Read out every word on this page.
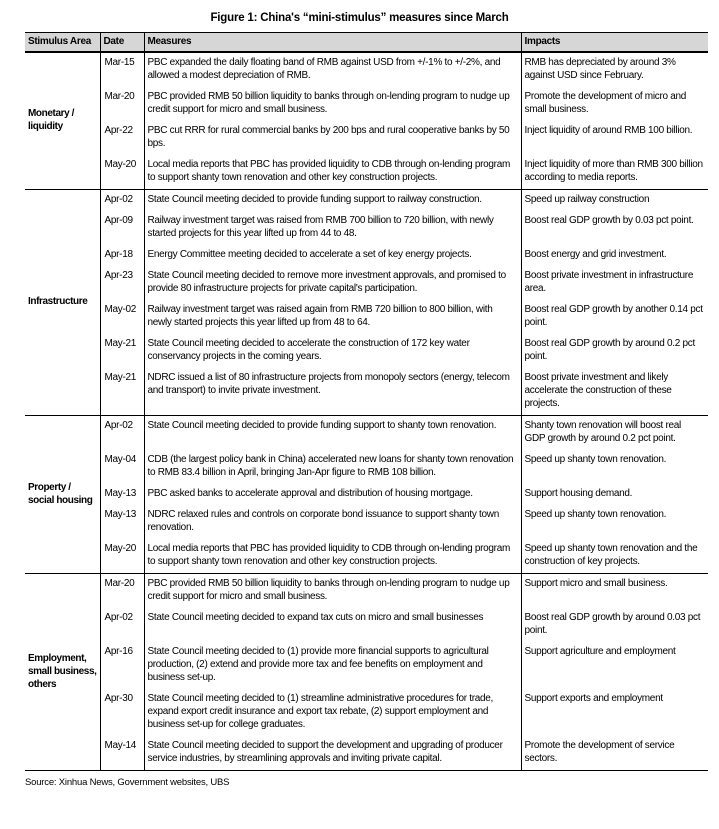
Figure 1: China's “mini-stimulus” measures since March
Stimulus Area	Date	Measures	Impacts
Monetary / liquidity	Mar-15	PBC expanded the daily floating band of RMB against USD from +/-1% to +/-2%, and allowed a modest depreciation of RMB.	RMB has depreciated by around 3% against USD since February.
	Mar-20	PBC provided RMB 50 billion liquidity to banks through on-lending program to nudge up credit support for micro and small business.	Promote the development of micro and small business.
	Apr-22	PBC cut RRR for rural commercial banks by 200 bps and rural cooperative banks by 50 bps.	Inject liquidity of around RMB 100 billion.
	May-20	Local media reports that PBC has provided liquidity to CDB through on-lending program to support shanty town renovation and other key construction projects.	Inject liquidity of more than RMB 300 billion according to media reports.
Infrastructure	Apr-02	State Council meeting decided to provide funding support to railway construction.	Speed up railway construction
	Apr-09	Railway investment target was raised from RMB 700 billion to 720 billion, with newly started projects for this year lifted up from 44 to 48.	Boost real GDP growth by 0.03 pct point.
	Apr-18	Energy Committee meeting decided to accelerate a set of key energy projects.	Boost energy and grid investment.
	Apr-23	State Council meeting decided to remove more investment approvals, and promised to provide 80 infrastructure projects for private capital's participation.	Boost private investment in infrastructure area.
	May-02	Railway investment target was raised again from RMB 720 billion to 800 billion, with newly started projects this year lifted up from 48 to 64.	Boost real GDP growth by another 0.14 pct point.
	May-21	State Council meeting decided to accelerate the construction of 172 key water conservancy projects in the coming years.	Boost real GDP growth by around 0.2 pct point.
	May-21	NDRC issued a list of 80 infrastructure projects from monopoly sectors (energy, telecom and transport) to invite private investment.	Boost private investment and likely accelerate the construction of these projects.
Property / social housing	Apr-02	State Council meeting decided to provide funding support to shanty town renovation.	Shanty town renovation will boost real GDP growth by around 0.2 pct point.
	May-04	CDB (the largest policy bank in China) accelerated new loans for shanty town renovation to RMB 83.4 billion in April, bringing Jan-Apr figure to RMB 108 billion.	Speed up shanty town renovation.
	May-13	PBC asked banks to accelerate approval and distribution of housing mortgage.	Support housing demand.
	May-13	NDRC relaxed rules and controls on corporate bond issuance to support shanty town renovation.	Speed up shanty town renovation.
	May-20	Local media reports that PBC has provided liquidity to CDB through on-lending program to support shanty town renovation and other key construction projects.	Speed up shanty town renovation and the construction of key projects.
Employment, small business, others	Mar-20	PBC provided RMB 50 billion liquidity to banks through on-lending program to nudge up credit support for micro and small business.	Support micro and small business.
	Apr-02	State Council meeting decided to expand tax cuts on micro and small businesses	Boost real GDP growth by around 0.03 pct point.
	Apr-16	State Council meeting decided to (1) provide more financial supports to agricultural production, (2) extend and provide more tax and fee benefits on employment and business set-up.	Support agriculture and employment
	Apr-30	State Council meeting decided to (1) streamline administrative procedures for trade, expand export credit insurance and export tax rebate, (2) support employment and business set-up for college graduates.	Support exports and employment
	May-14	State Council meeting decided to support the development and upgrading of producer service industries, by streamlining approvals and inviting private capital.	Promote the development of service sectors.
Source: Xinhua News, Government websites, UBS
